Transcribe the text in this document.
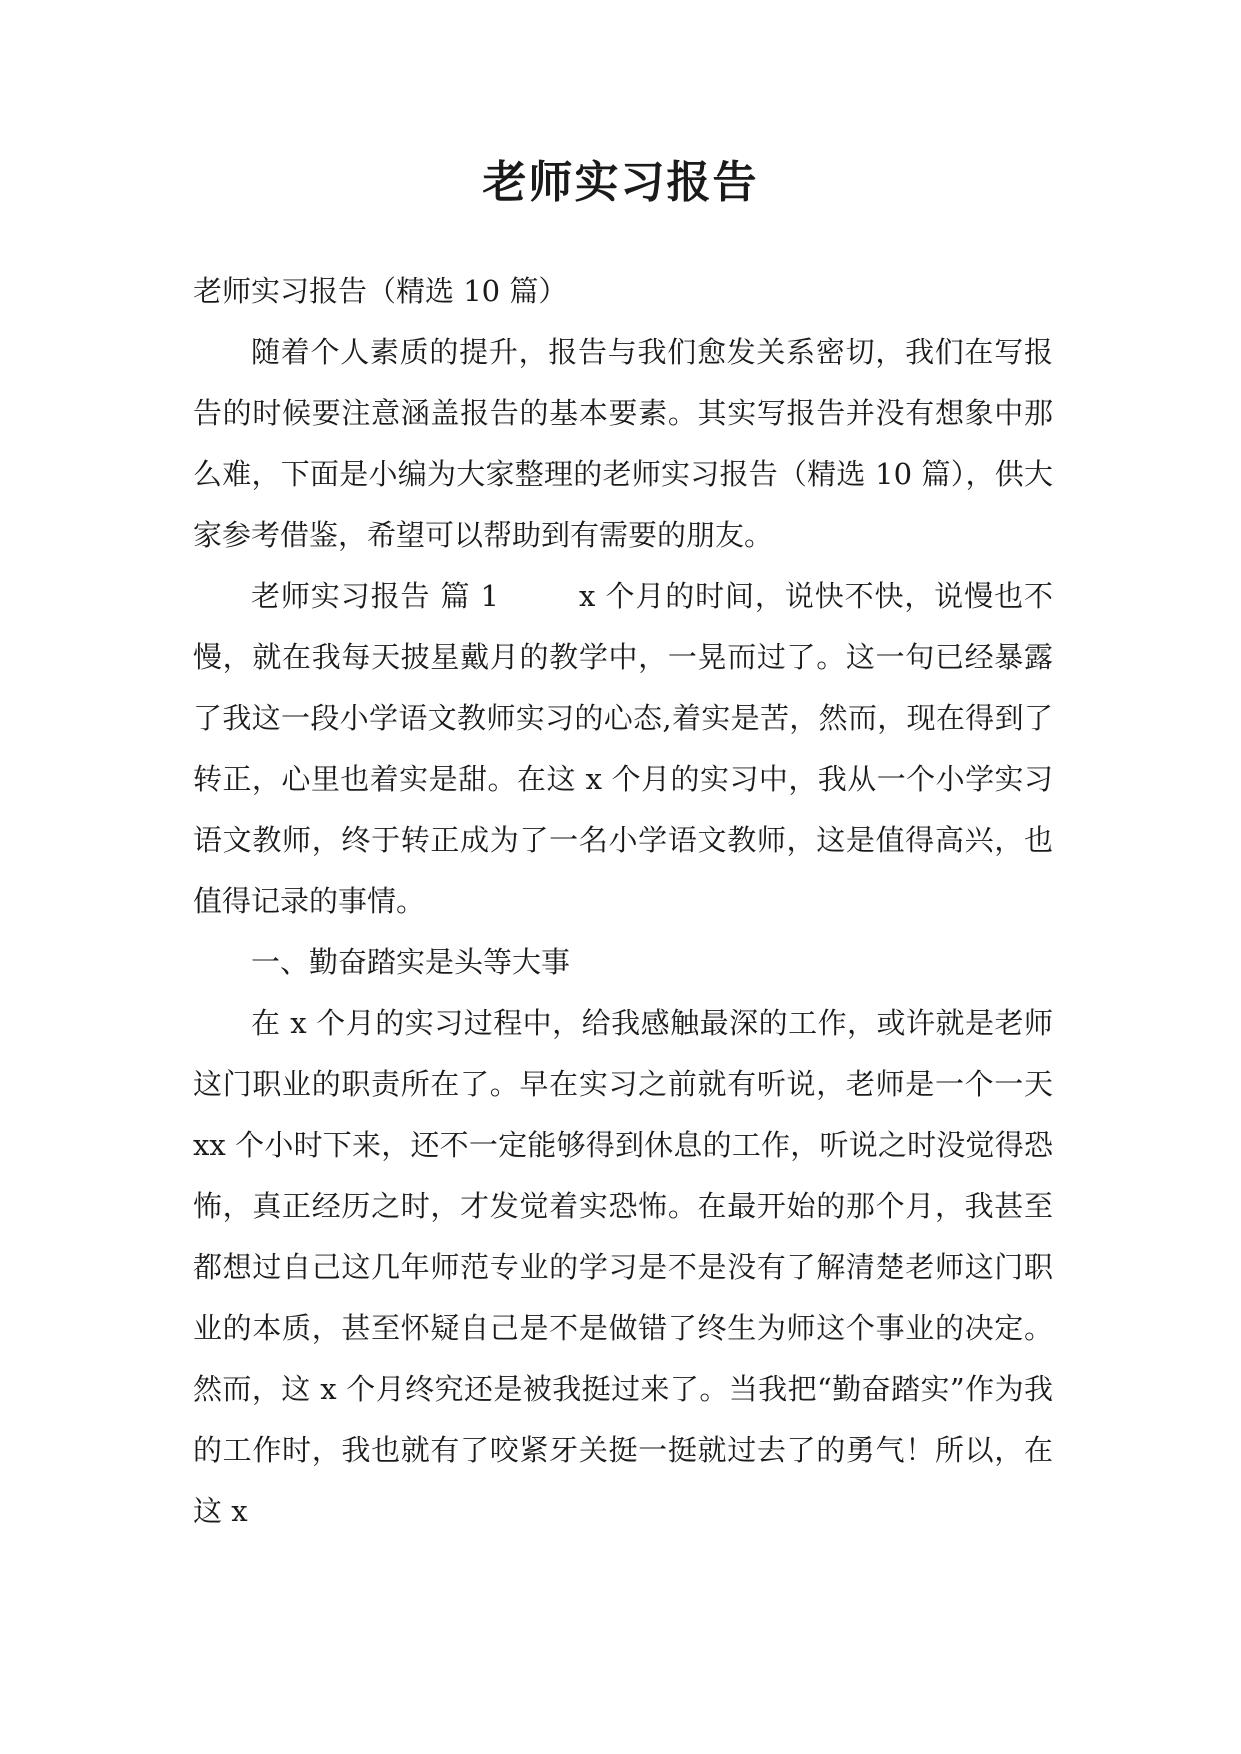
老师实习报告

老师实习报告（精选 10 篇）

随着个人素质的提升，报告与我们愈发关系密切，我们在写报告的时候要注意涵盖报告的基本要素。其实写报告并没有想象中那么难，下面是小编为大家整理的老师实习报告（精选 10 篇），供大家参考借鉴，希望可以帮助到有需要的朋友。

老师实习报告 篇 1	x 个月的时间，说快不快，说慢也不慢，就在我每天披星戴月的教学中，一晃而过了。这一句已经暴露了我这一段小学语文教师实习的心态,着实是苦，然而，现在得到了转正，心里也着实是甜。在这 x 个月的实习中，我从一个小学实习语文教师，终于转正成为了一名小学语文教师，这是值得高兴，也值得记录的事情。

一、勤奋踏实是头等大事

在 x 个月的实习过程中，给我感触最深的工作，或许就是老师这门职业的职责所在了。早在实习之前就有听说，老师是一个一天 xx 个小时下来，还不一定能够得到休息的工作，听说之时没觉得恐怖，真正经历之时，才发觉着实恐怖。在最开始的那个月，我甚至都想过自己这几年师范专业的学习是不是没有了解清楚老师这门职业的本质，甚至怀疑自己是不是做错了终生为师这个事业的决定。然而，这 x 个月终究还是被我挺过来了。当我把“勤奋踏实”作为我的工作时，我也就有了咬紧牙关挺一挺就过去了的勇气！所以，在这 x
